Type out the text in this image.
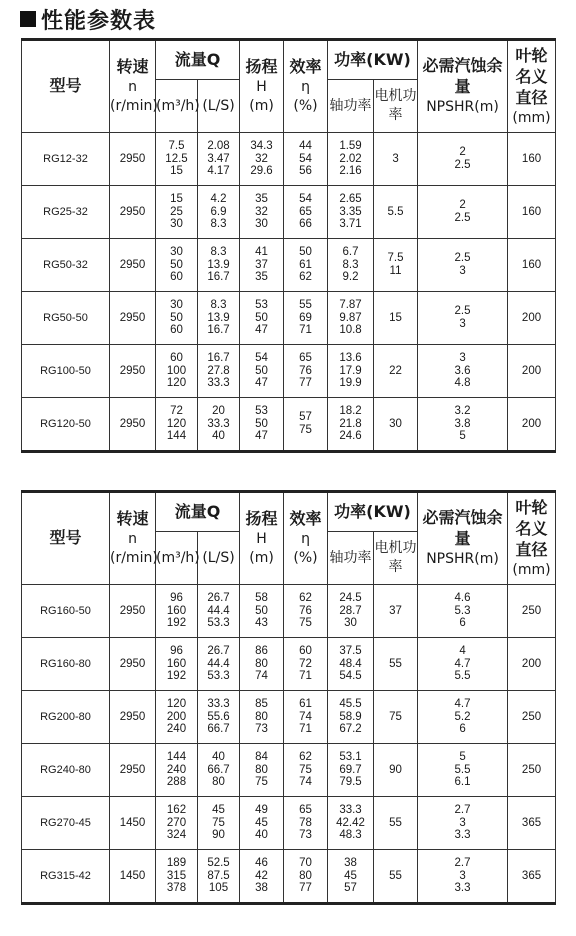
性能参数表
型号	转速
n
(r/min)	流量Q		扬程
H
(m)	效率
η
(%)	功率(KW)		必需汽蚀余量
NPSHR(m)	叶轮名义直径
(mm)
		(m³/h)	(L/S)			轴功率	电机功率		
RG12-32	2950	7.5
12.5
15	2.08
3.47
4.17	34.3
32
29.6	44
54
56	1.59
2.02
2.16	3	2
2.5	160
RG25-32	2950	15
25
30	4.2
6.9
8.3	35
32
30	54
65
66	2.65
3.35
3.71	5.5	2
2.5	160
RG50-32	2950	30
50
60	8.3
13.9
16.7	41
37
35	50
61
62	6.7
8.3
9.2	7.5
11	2.5
3	160
RG50-50	2950	30
50
60	8.3
13.9
16.7	53
50
47	55
69
71	7.87
9.87
10.8	15	2.5
3	200
RG100-50	2950	60
100
120	16.7
27.8
33.3	54
50
47	65
76
77	13.6
17.9
19.9	22	3
3.6
4.8	200
RG120-50	2950	72
120
144	20
33.3
40	53
50
47	57
75	18.2
21.8
24.6	30	3.2
3.8
5	200
型号	转速
n
(r/min)	流量Q		扬程
H
(m)	效率
η
(%)	功率(KW)		必需汽蚀余量
NPSHR(m)	叶轮名义直径
(mm)
		(m³/h)	(L/S)			轴功率	电机功率		
RG160-50	2950	96
160
192	26.7
44.4
53.3	58
50
43	62
76
75	24.5
28.7
30	37	4.6
5.3
6	250
RG160-80	2950	96
160
192	26.7
44.4
53.3	86
80
74	60
72
71	37.5
48.4
54.5	55	4
4.7
5.5	200
RG200-80	2950	120
200
240	33.3
55.6
66.7	85
80
73	61
74
71	45.5
58.9
67.2	75	4.7
5.2
6	250
RG240-80	2950	144
240
288	40
66.7
80	84
80
75	62
75
74	53.1
69.7
79.5	90	5
5.5
6.1	250
RG270-45	1450	162
270
324	45
75
90	49
45
40	65
78
73	33.3
42.42
48.3	55	2.7
3
3.3	365
RG315-42	1450	189
315
378	52.5
87.5
105	46
42
38	70
80
77	38
45
57	55	2.7
3
3.3	365
